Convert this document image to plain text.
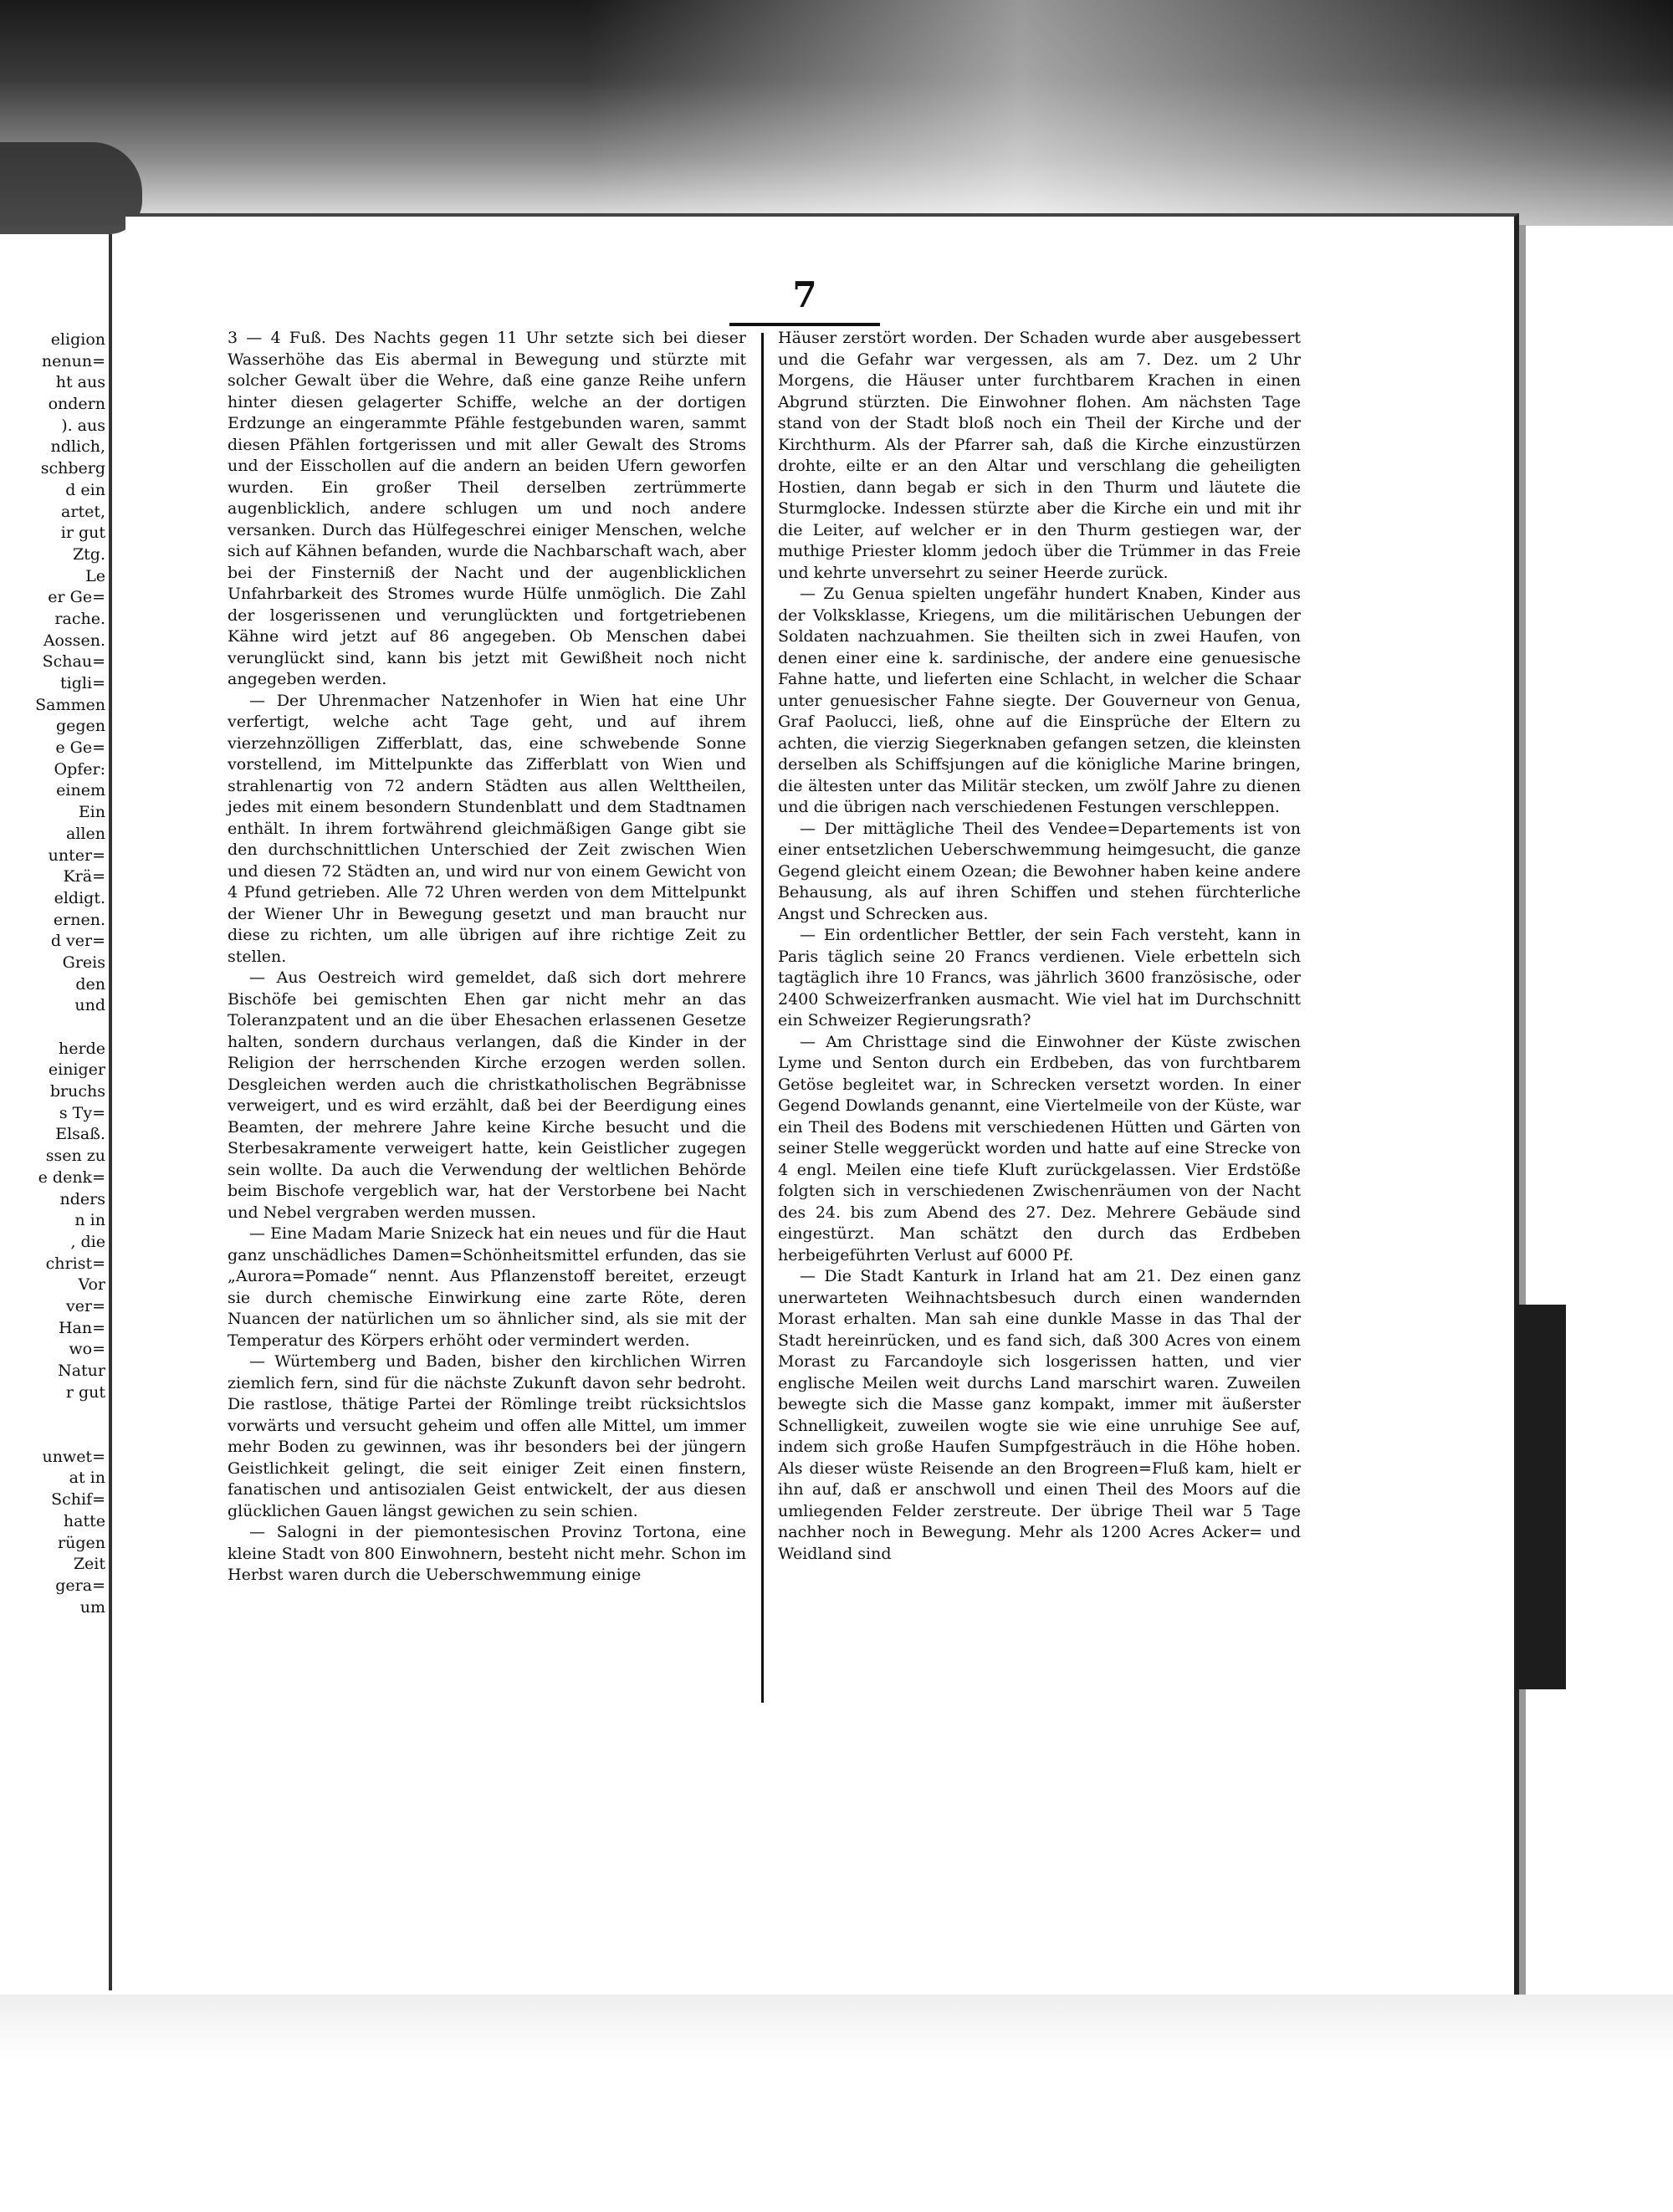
eligion
nenun=
ht aus
ondern
). aus
ndlich,
schberg
d ein
artet,
ir gut
Ztg.
Le
er Ge=
rache.
Aossen.
Schau=
tigli=
Sammen
gegen
e Ge=
Opfer:
einem
Ein
allen
unter=
Krä=
eldigt.
ernen.
d ver=
Greis
den
und
herde
einiger
bruchs
s Ty=
Elsaß.
ssen zu
e denk=
nders
n in
, die
christ=
Vor
ver=
Han=
wo=
Natur
r gut
unwet=
at in
Schif=
hatte
rügen
Zeit
gera=
um
7

3 — 4 Fuß. Des Nachts gegen 11 Uhr setzte sich bei dieser Wasserhöhe das Eis abermal in Bewegung und stürzte mit solcher Gewalt über die Wehre, daß eine ganze Reihe unfern hinter diesen gelagerter Schiffe, welche an der dortigen Erdzunge an eingerammte Pfähle festgebunden waren, sammt diesen Pfählen fortgerissen und mit aller Gewalt des Stroms und der Eisschollen auf die andern an beiden Ufern geworfen wurden. Ein großer Theil derselben zertrümmerte augenblicklich, andere schlugen um und noch andere versanken. Durch das Hülfegeschrei einiger Menschen, welche sich auf Kähnen befanden, wurde die Nachbarschaft wach, aber bei der Finsterniß der Nacht und der augenblicklichen Unfahrbarkeit des Stromes wurde Hülfe unmöglich. Die Zahl der losgerissenen und verunglückten und fortgetriebenen Kähne wird jetzt auf 86 angegeben. Ob Menschen dabei verunglückt sind, kann bis jetzt mit Gewißheit noch nicht angegeben werden.

— Der Uhrenmacher Natzenhofer in Wien hat eine Uhr verfertigt, welche acht Tage geht, und auf ihrem vierzehnzölligen Zifferblatt, das, eine schwebende Sonne vorstellend, im Mittelpunkte das Zifferblatt von Wien und strahlenartig von 72 andern Städten aus allen Welttheilen, jedes mit einem besondern Stundenblatt und dem Stadtnamen enthält. In ihrem fortwährend gleichmäßigen Gange gibt sie den durchschnittlichen Unterschied der Zeit zwischen Wien und diesen 72 Städten an, und wird nur von einem Gewicht von 4 Pfund getrieben. Alle 72 Uhren werden von dem Mittelpunkt der Wiener Uhr in Bewegung gesetzt und man braucht nur diese zu richten, um alle übrigen auf ihre richtige Zeit zu stellen.

— Aus Oestreich wird gemeldet, daß sich dort mehrere Bischöfe bei gemischten Ehen gar nicht mehr an das Toleranzpatent und an die über Ehesachen erlassenen Gesetze halten, sondern durchaus verlangen, daß die Kinder in der Religion der herrschenden Kirche erzogen werden sollen. Desgleichen werden auch die christkatholischen Begräbnisse verweigert, und es wird erzählt, daß bei der Beerdigung eines Beamten, der mehrere Jahre keine Kirche besucht und die Sterbesakramente verweigert hatte, kein Geistlicher zugegen sein wollte. Da auch die Verwendung der weltlichen Behörde beim Bischofe vergeblich war, hat der Verstorbene bei Nacht und Nebel vergraben werden mussen.

— Eine Madam Marie Snizeck hat ein neues und für die Haut ganz unschädliches Damen=Schönheitsmittel erfunden, das sie „Aurora=Pomade“ nennt. Aus Pflanzenstoff bereitet, erzeugt sie durch chemische Einwirkung eine zarte Röte, deren Nuancen der natürlichen um so ähnlicher sind, als sie mit der Temperatur des Körpers erhöht oder vermindert werden.

— Würtemberg und Baden, bisher den kirchlichen Wirren ziemlich fern, sind für die nächste Zukunft davon sehr bedroht. Die rastlose, thätige Partei der Römlinge treibt rücksichtslos vorwärts und versucht geheim und offen alle Mittel, um immer mehr Boden zu gewinnen, was ihr besonders bei der jüngern Geistlichkeit gelingt, die seit einiger Zeit einen finstern, fanatischen und antisozialen Geist entwickelt, der aus diesen glücklichen Gauen längst gewichen zu sein schien.

— Salogni in der piemontesischen Provinz Tortona, eine kleine Stadt von 800 Einwohnern, besteht nicht mehr. Schon im Herbst waren durch die Ueberschwemmung einige

Häuser zerstört worden. Der Schaden wurde aber ausgebessert und die Gefahr war vergessen, als am 7. Dez. um 2 Uhr Morgens, die Häuser unter furchtbarem Krachen in einen Abgrund stürzten. Die Einwohner flohen. Am nächsten Tage stand von der Stadt bloß noch ein Theil der Kirche und der Kirchthurm. Als der Pfarrer sah, daß die Kirche einzustürzen drohte, eilte er an den Altar und verschlang die geheiligten Hostien, dann begab er sich in den Thurm und läutete die Sturmglocke. Indessen stürzte aber die Kirche ein und mit ihr die Leiter, auf welcher er in den Thurm gestiegen war, der muthige Priester klomm jedoch über die Trümmer in das Freie und kehrte unversehrt zu seiner Heerde zurück.

— Zu Genua spielten ungefähr hundert Knaben, Kinder aus der Volksklasse, Kriegens, um die militärischen Uebungen der Soldaten nachzuahmen. Sie theilten sich in zwei Haufen, von denen einer eine k. sardinische, der andere eine genuesische Fahne hatte, und lieferten eine Schlacht, in welcher die Schaar unter genuesischer Fahne siegte. Der Gouverneur von Genua, Graf Paolucci, ließ, ohne auf die Einsprüche der Eltern zu achten, die vierzig Siegerknaben gefangen setzen, die kleinsten derselben als Schiffsjungen auf die königliche Marine bringen, die ältesten unter das Militär stecken, um zwölf Jahre zu dienen und die übrigen nach verschiedenen Festungen verschleppen.

— Der mittägliche Theil des Vendee=Departements ist von einer entsetzlichen Ueberschwemmung heimgesucht, die ganze Gegend gleicht einem Ozean; die Bewohner haben keine andere Behausung, als auf ihren Schiffen und stehen fürchterliche Angst und Schrecken aus.

— Ein ordentlicher Bettler, der sein Fach versteht, kann in Paris täglich seine 20 Francs verdienen. Viele erbetteln sich tagtäglich ihre 10 Francs, was jährlich 3600 französische, oder 2400 Schweizerfranken ausmacht. Wie viel hat im Durchschnitt ein Schweizer Regierungsrath?

— Am Christtage sind die Einwohner der Küste zwischen Lyme und Senton durch ein Erdbeben, das von furchtbarem Getöse begleitet war, in Schrecken versetzt worden. In einer Gegend Dowlands genannt, eine Viertelmeile von der Küste, war ein Theil des Bodens mit verschiedenen Hütten und Gärten von seiner Stelle weggerückt worden und hatte auf eine Strecke von 4 engl. Meilen eine tiefe Kluft zurückgelassen. Vier Erdstöße folgten sich in verschiedenen Zwischenräumen von der Nacht des 24. bis zum Abend des 27. Dez. Mehrere Gebäude sind eingestürzt. Man schätzt den durch das Erdbeben herbeigeführten Verlust auf 6000 Pf.

— Die Stadt Kanturk in Irland hat am 21. Dez einen ganz unerwarteten Weihnachtsbesuch durch einen wandernden Morast erhalten. Man sah eine dunkle Masse in das Thal der Stadt hereinrücken, und es fand sich, daß 300 Acres von einem Morast zu Farcandoyle sich losgerissen hatten, und vier englische Meilen weit durchs Land marschirt waren. Zuweilen bewegte sich die Masse ganz kompakt, immer mit äußerster Schnelligkeit, zuweilen wogte sie wie eine unruhige See auf, indem sich große Haufen Sumpfgesträuch in die Höhe hoben. Als dieser wüste Reisende an den Brogreen=Fluß kam, hielt er ihn auf, daß er anschwoll und einen Theil des Moors auf die umliegenden Felder zerstreute. Der übrige Theil war 5 Tage nachher noch in Bewegung. Mehr als 1200 Acres Acker= und Weidland sind
